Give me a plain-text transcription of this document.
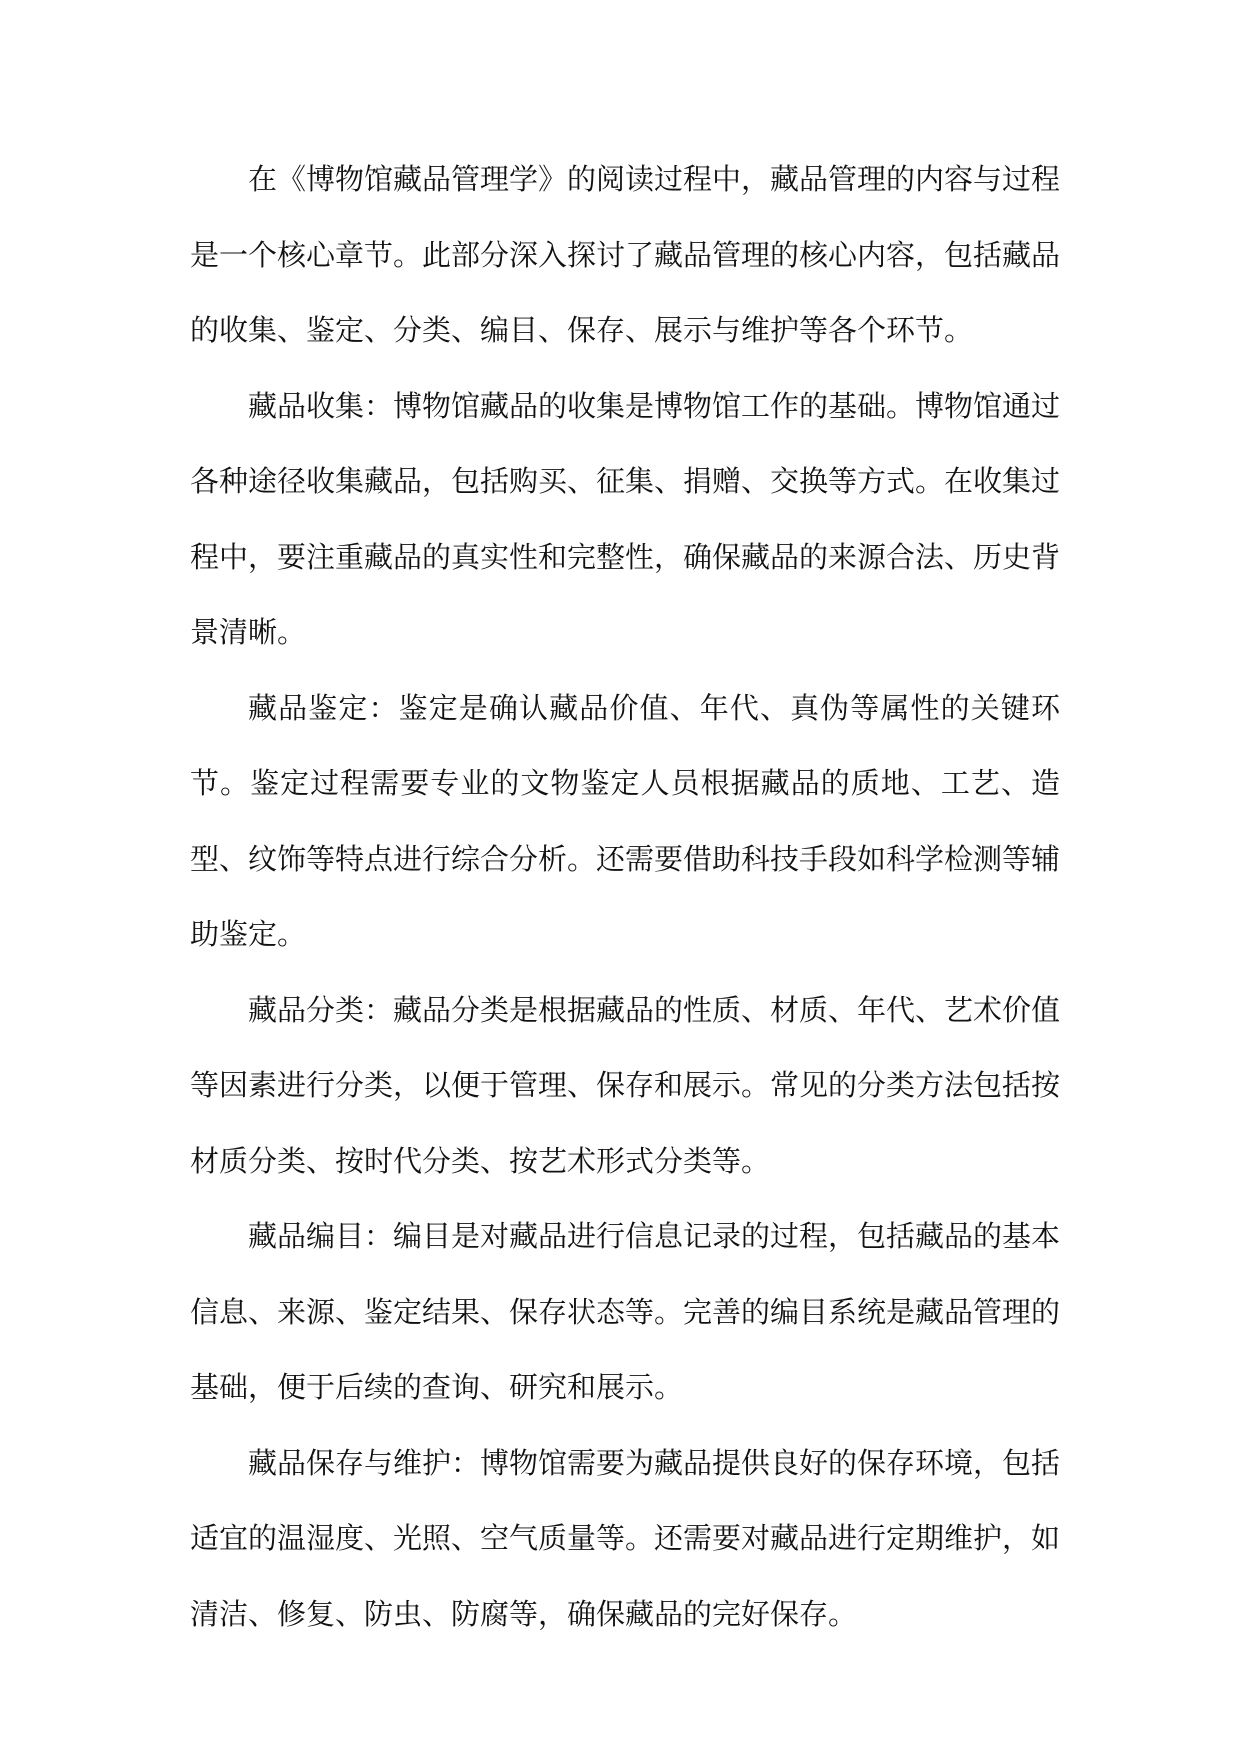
在《博物馆藏品管理学》的阅读过程中，藏品管理的内容与过程是一个核心章节。此部分深入探讨了藏品管理的核心内容，包括藏品的收集、鉴定、分类、编目、保存、展示与维护等各个环节。

藏品收集：博物馆藏品的收集是博物馆工作的基础。博物馆通过各种途径收集藏品，包括购买、征集、捐赠、交换等方式。在收集过程中，要注重藏品的真实性和完整性，确保藏品的来源合法、历史背景清晰。

藏品鉴定：鉴定是确认藏品价值、年代、真伪等属性的关键环节。鉴定过程需要专业的文物鉴定人员根据藏品的质地、工艺、造型、纹饰等特点进行综合分析。还需要借助科技手段如科学检测等辅助鉴定。

藏品分类：藏品分类是根据藏品的性质、材质、年代、艺术价值等因素进行分类，以便于管理、保存和展示。常见的分类方法包括按材质分类、按时代分类、按艺术形式分类等。

藏品编目：编目是对藏品进行信息记录的过程，包括藏品的基本信息、来源、鉴定结果、保存状态等。完善的编目系统是藏品管理的基础，便于后续的查询、研究和展示。

藏品保存与维护：博物馆需要为藏品提供良好的保存环境，包括适宜的温湿度、光照、空气质量等。还需要对藏品进行定期维护，如清洁、修复、防虫、防腐等，确保藏品的完好保存。
